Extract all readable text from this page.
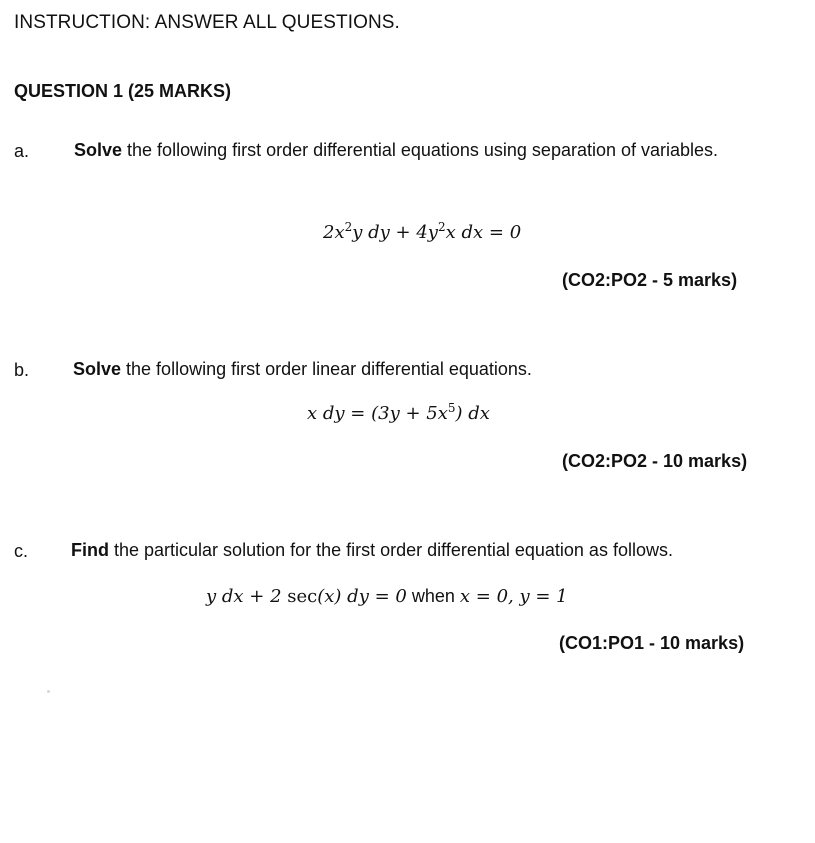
INSTRUCTION: ANSWER ALL QUESTIONS.
QUESTION 1 (25 MARKS)
a. Solve the following first order differential equations using separation of variables.
$2x^2y$ dy + $4y^2x$ dx = 0
(CO2:PO2 - 5 marks)
b. Solve the following first order linear differential equations.
x dy = $(3y + 5x^5)$ dx
(CO2:PO2 - 10 marks)
c. Find the particular solution for the first order differential equation as follows.
y dx + 2 sec(x) dy = 0 when x = 0, y = 1
(CO1:PO1 - 10 marks)
